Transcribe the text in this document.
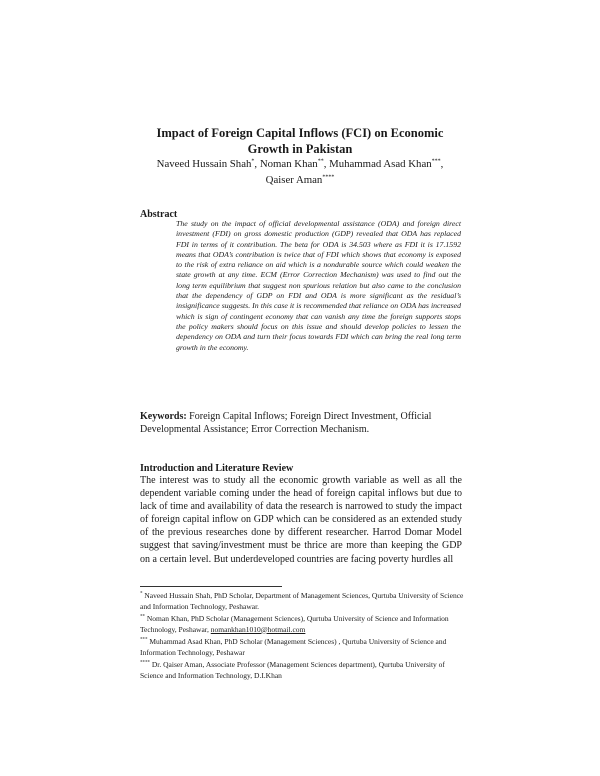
Impact of Foreign Capital Inflows (FCI) on Economic Growth in Pakistan
Naveed Hussain Shah*, Noman Khan**, Muhammad Asad Khan***,
Qaiser Aman****
Abstract

The study on the impact of official developmental assistance (ODA) and foreign direct investment (FDI) on gross domestic production (GDP) revealed that ODA has replaced FDI in terms of it contribution. The beta for ODA is 34.503 where as FDI it is 17.1592 means that ODA’s contribution is twice that of FDI which shows that economy is exposed to the risk of extra reliance on aid which is a nondurable source which could weaken the state growth at any time. ECM (Error Correction Mechanism) was used to find out the long term equilibrium that suggest non spurious relation but also came to the conclusion that the dependency of GDP on FDI and ODA is more significant as the residual’s insignificance suggests. In this case it is recommended that reliance on ODA has increased which is sign of contingent economy that can vanish any time the foreign supports stops the policy makers should focus on this issue and should develop policies to lessen the dependency on ODA and turn their focus towards FDI which can bring the real long term growth in the economy.

Keywords: Foreign Capital Inflows; Foreign Direct Investment, Official Developmental Assistance; Error Correction Mechanism.

Introduction and Literature Review

The interest was to study all the economic growth variable as well as all the dependent variable coming under the head of foreign capital inflows but due to lack of time and availability of data the research is narrowed to study the impact of foreign capital inflow on GDP which can be considered as an extended study of the previous researches done by different researcher. Harrod Domar Model suggest that saving/investment must be thrice are more than keeping the GDP on a certain level. But underdeveloped countries are facing poverty hurdles all

* Naveed Hussain Shah, PhD Scholar, Department of Management Sciences, Qurtuba University of Science and Information Technology, Peshawar.

** Noman Khan, PhD Scholar (Management Sciences), Qurtuba University of Science and Information Technology, Peshawar, nomankhan1010@hotmail.com

*** Muhammad Asad Khan, PhD Scholar (Management Sciences) , Qurtuba University of Science and Information Technology, Peshawar

**** Dr. Qaiser Aman, Associate Professor (Management Sciences department), Qurtuba University of Science and Information Technology, D.I.Khan
